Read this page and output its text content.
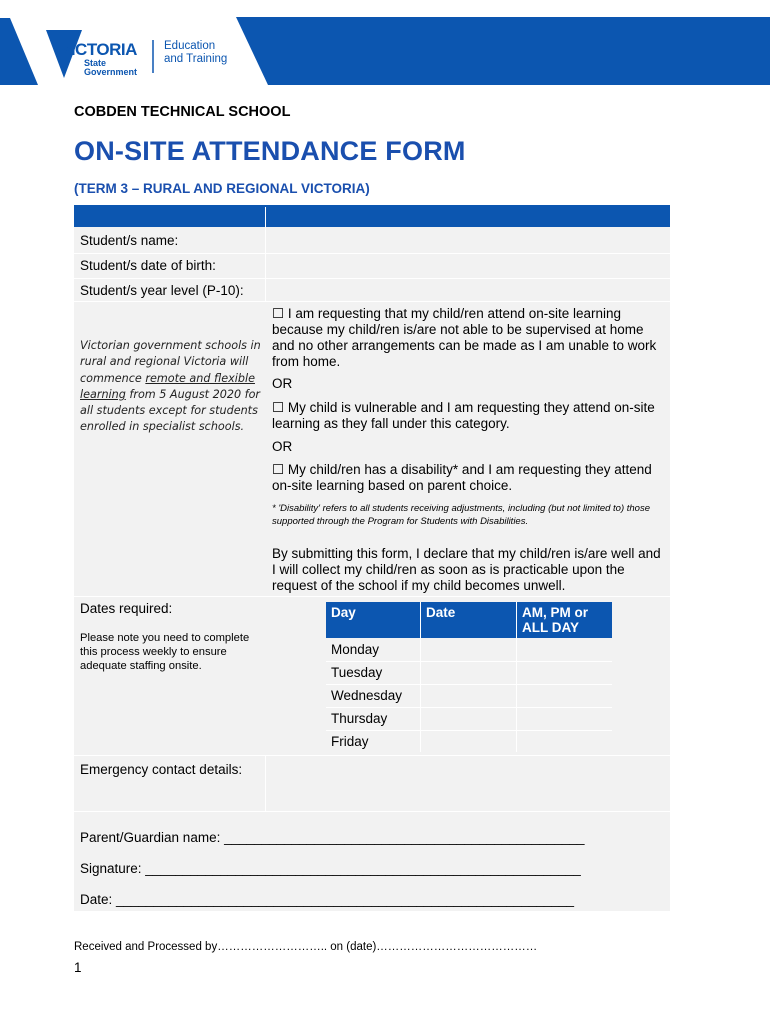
VICTORIA
State
Government
Education
and Training
COBDEN TECHNICAL SCHOOL
ON-SITE ATTENDANCE FORM
(TERM 3 – RURAL AND REGIONAL VICTORIA)
Student/s name:
Student/s date of birth:
Student/s year level (P-10):
Victorian government schools in rural and regional Victoria will commence remote and flexible learning from 5 August 2020 for all students except for students enrolled in specialist schools.
☐ I am requesting that my child/ren attend on-site learning because my child/ren is/are not able to be supervised at home and no other arrangements can be made as I am unable to work from home.
OR
☐ My child is vulnerable and I am requesting they attend on-site learning as they fall under this category.
OR
☐ My child/ren has a disability* and I am requesting they attend on-site learning based on parent choice.
* 'Disability' refers to all students receiving adjustments, including (but not limited to) those supported through the Program for Students with Disabilities.
By submitting this form, I declare that my child/ren is/are well and I will collect my child/ren as soon as is practicable upon the request of the school if my child becomes unwell.
Dates required:
Please note you need to complete this process weekly to ensure adequate staffing onsite.
Day	Date	AM, PM or ALL DAY
Monday
Tuesday
Wednesday
Thursday
Friday
Emergency contact details:
Parent/Guardian name: ________________________________________________
Signature: __________________________________________________________
Date: _____________________________________________________________
Received and Processed by……………………….. on (date)……………………………………
1
